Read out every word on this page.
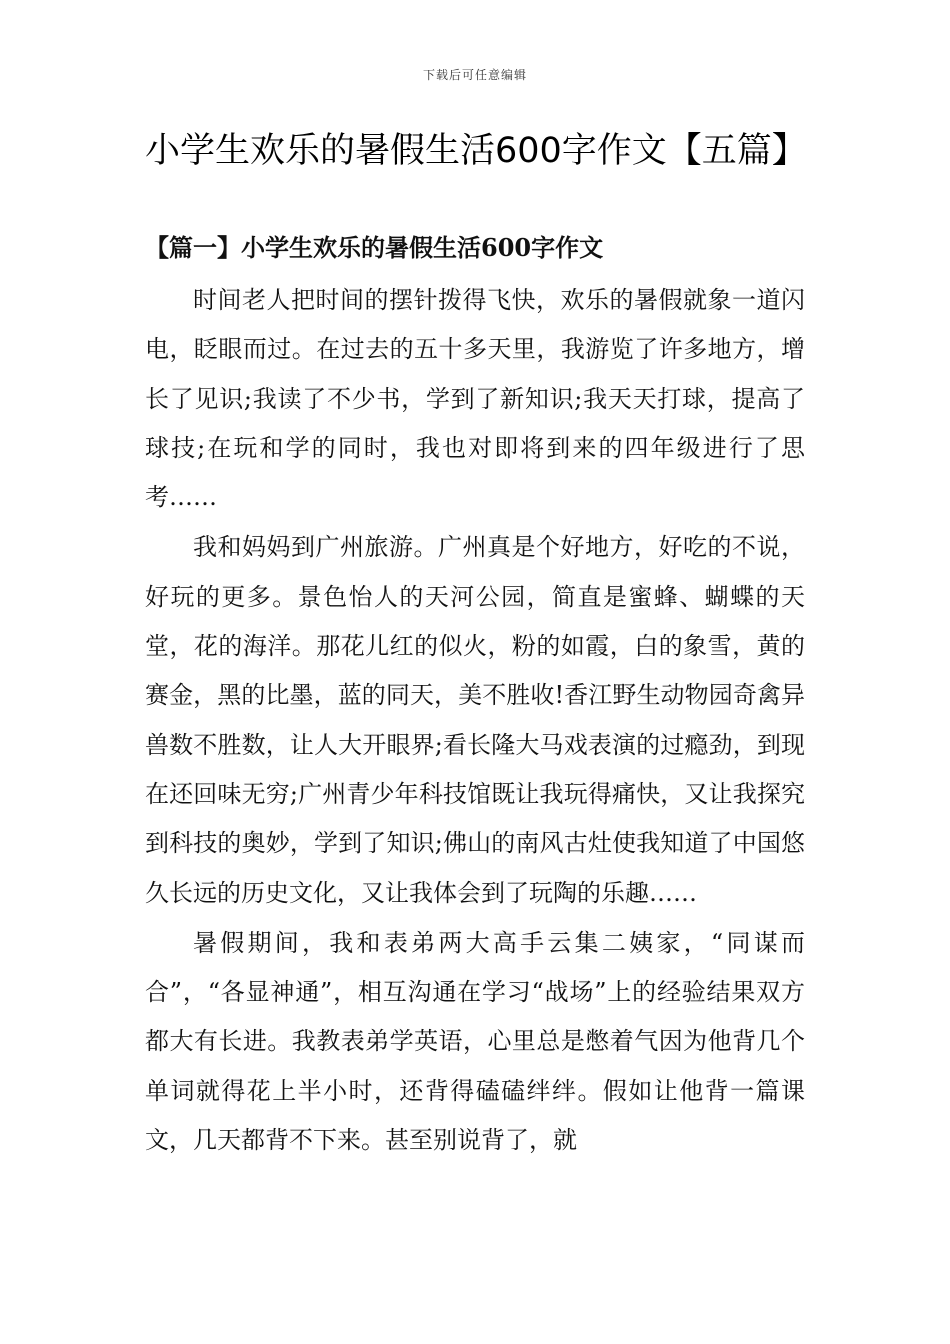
下载后可任意编辑
小学生欢乐的暑假生活600字作文【五篇】
【篇一】小学生欢乐的暑假生活600字作文

时间老人把时间的摆针拨得飞快，欢乐的暑假就象一道闪电，眨眼而过。在过去的五十多天里，我游览了许多地方，增长了见识;我读了不少书，学到了新知识;我天天打球，提高了球技;在玩和学的同时，我也对即将到来的四年级进行了思考……

我和妈妈到广州旅游。广州真是个好地方，好吃的不说，好玩的更多。景色怡人的天河公园，简直是蜜蜂、蝴蝶的天堂，花的海洋。那花儿红的似火，粉的如霞，白的象雪，黄的赛金，黑的比墨，蓝的同天，美不胜收!香江野生动物园奇禽异兽数不胜数，让人大开眼界;看长隆大马戏表演的过瘾劲，到现在还回味无穷;广州青少年科技馆既让我玩得痛快，又让我探究到科技的奥妙，学到了知识;佛山的南风古灶使我知道了中国悠久长远的历史文化，又让我体会到了玩陶的乐趣……

暑假期间，我和表弟两大高手云集二姨家，“同谋而合”，“各显神通”，相互沟通在学习“战场”上的经验结果双方都大有长进。我教表弟学英语，心里总是憋着气因为他背几个单词就得花上半小时，还背得磕磕绊绊。假如让他背一篇课文，几天都背不下来。甚至别说背了，就
